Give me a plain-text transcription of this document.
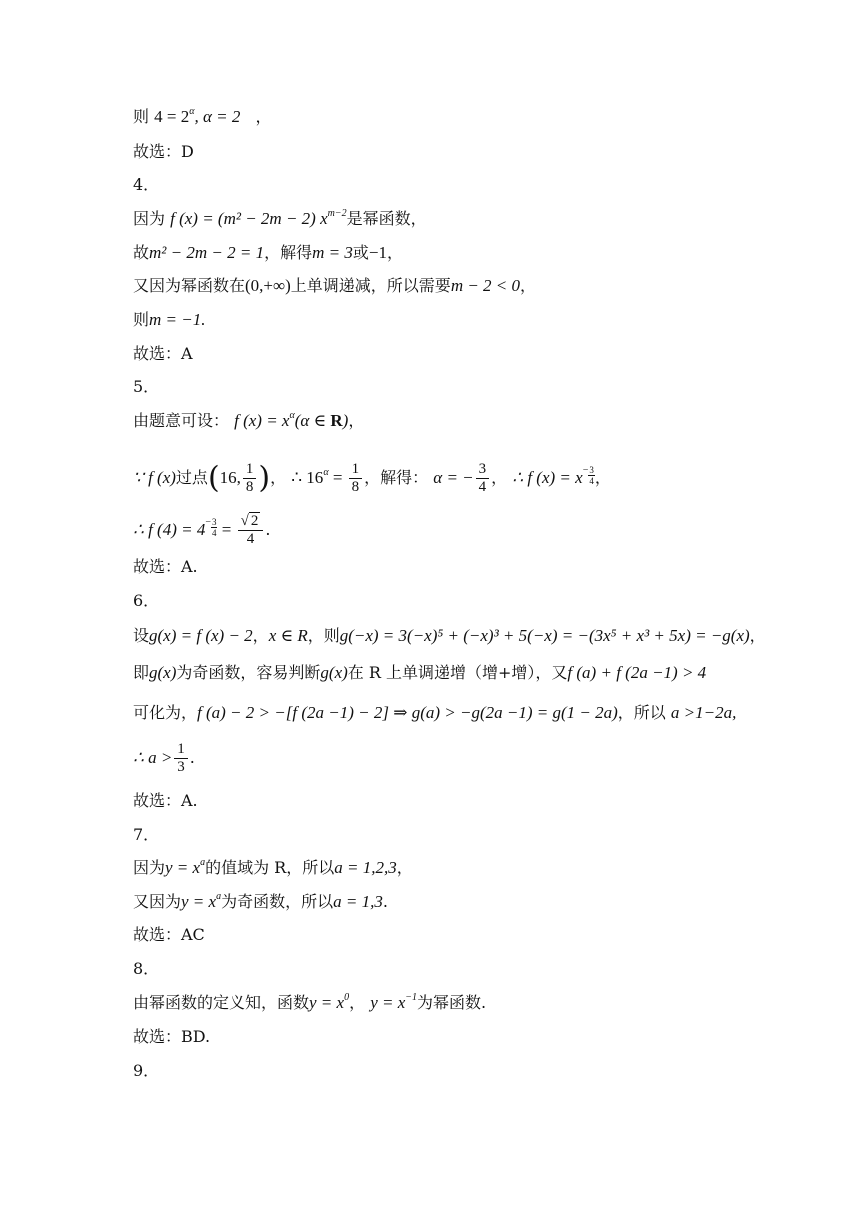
则 $4 = 2^\alpha$, α = 2 ，
故选：D
4．
因为 f (x) = (m² − 2m − 2) $x^{m-2}$是幂函数，
故m² − 2m − 2 = 1，解得m = 3或−1，
又因为幂函数在(0,+∞)上单调递减，所以需要m − 2 < 0，
则m = −1.
故选：A
5．
由题意可设： f $(x) = x^\alpha(\alpha$ ∈ R)，
∵ f (x)过点(16, $\frac{1}{8}$ )， ∴ $16^\alpha = \frac{1}{8}$ ，解得： α = − $\frac{3}{4}$ ， ∴ f $(x) = x- \frac{3}{4}$ ，
∴ f $(4) = 4- \frac{3}{4} = \frac{√ 2}{4}$ .
故选：A.
6．
设g(x) = f (x) − 2，x ∈ R，则g(−x) = 3(−x)⁵ + (−x)³ + 5(−x) = −(3x⁵ + x³ + 5x) = −g(x)，
即g(x)为奇函数，容易判断g(x)在 R 上单调递增（增+增），又f (a) + f (2a −1) > 4
可化为，f (a) − 2 > −[f (2a −1) − 2] ⇒ g(a) > −g(2a −1) = g(1 − 2a)，所以 a >1−2a,
∴ $a > \frac{1}{3}$ .
故选：A.
7．
因为$y = x^a$的值域为 R，所以a = 1,2,3，
又因为$y = x^a$为奇函数，所以a = 1,3.
故选：AC
8．
由幂函数的定义知，函数$y = x^0$， $y = x^{-1}$为幂函数.
故选：BD.
9．
